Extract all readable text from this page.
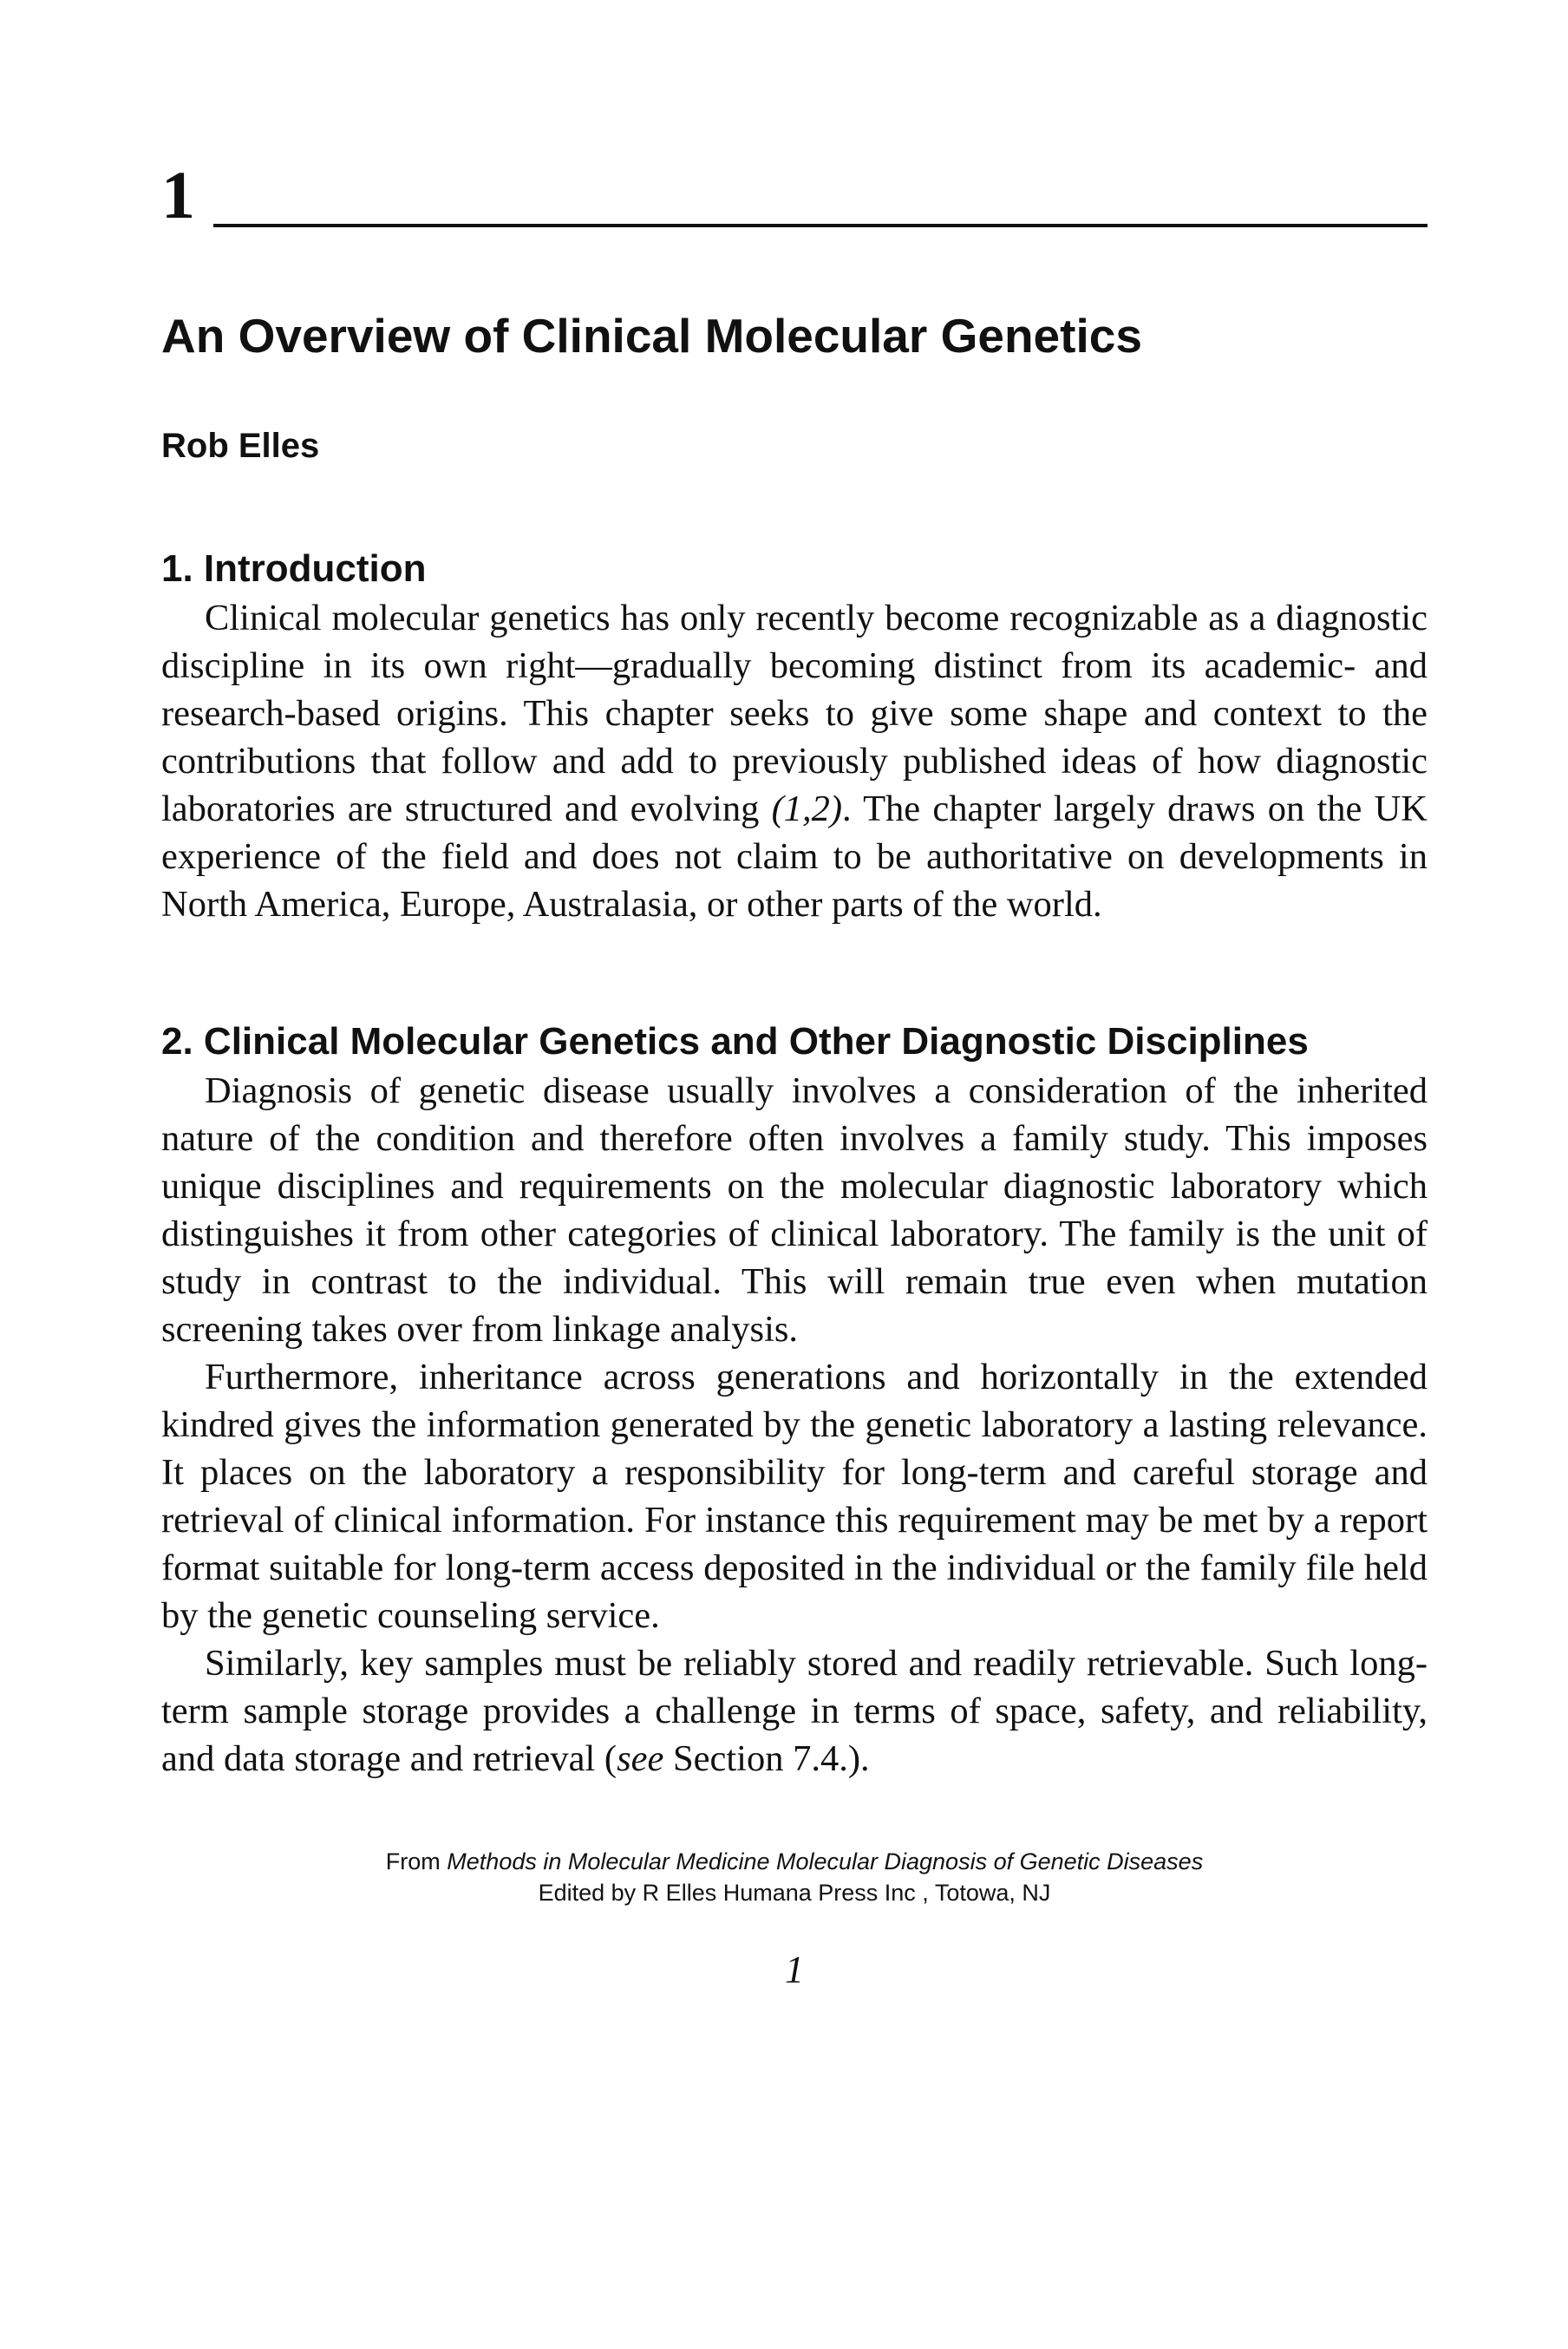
1
An Overview of Clinical Molecular Genetics

Rob Elles

1. Introduction

Clinical molecular genetics has only recently become recognizable as a diagnostic discipline in its own right—gradually becoming distinct from its academic- and research-based origins. This chapter seeks to give some shape and context to the contributions that follow and add to previously published ideas of how diagnostic laboratories are structured and evolving (1,2). The chapter largely draws on the UK experience of the field and does not claim to be authoritative on developments in North America, Europe, Australasia, or other parts of the world.

2. Clinical Molecular Genetics and Other Diagnostic Disciplines

Diagnosis of genetic disease usually involves a consideration of the inherited nature of the condition and therefore often involves a family study. This imposes unique disciplines and requirements on the molecular diagnostic laboratory which distinguishes it from other categories of clinical laboratory. The family is the unit of study in contrast to the individual. This will remain true even when mutation screening takes over from linkage analysis.

Furthermore, inheritance across generations and horizontally in the extended kindred gives the information generated by the genetic laboratory a lasting relevance. It places on the laboratory a responsibility for long-term and careful storage and retrieval of clinical information. For instance this requirement may be met by a report format suitable for long-term access deposited in the individual or the family file held by the genetic counseling service.

Similarly, key samples must be reliably stored and readily retrievable. Such long-term sample storage provides a challenge in terms of space, safety, and reliability, and data storage and retrieval (see Section 7.4.).

From Methods in Molecular Medicine Molecular Diagnosis of Genetic Diseases
Edited by R Elles Humana Press Inc , Totowa, NJ
1
